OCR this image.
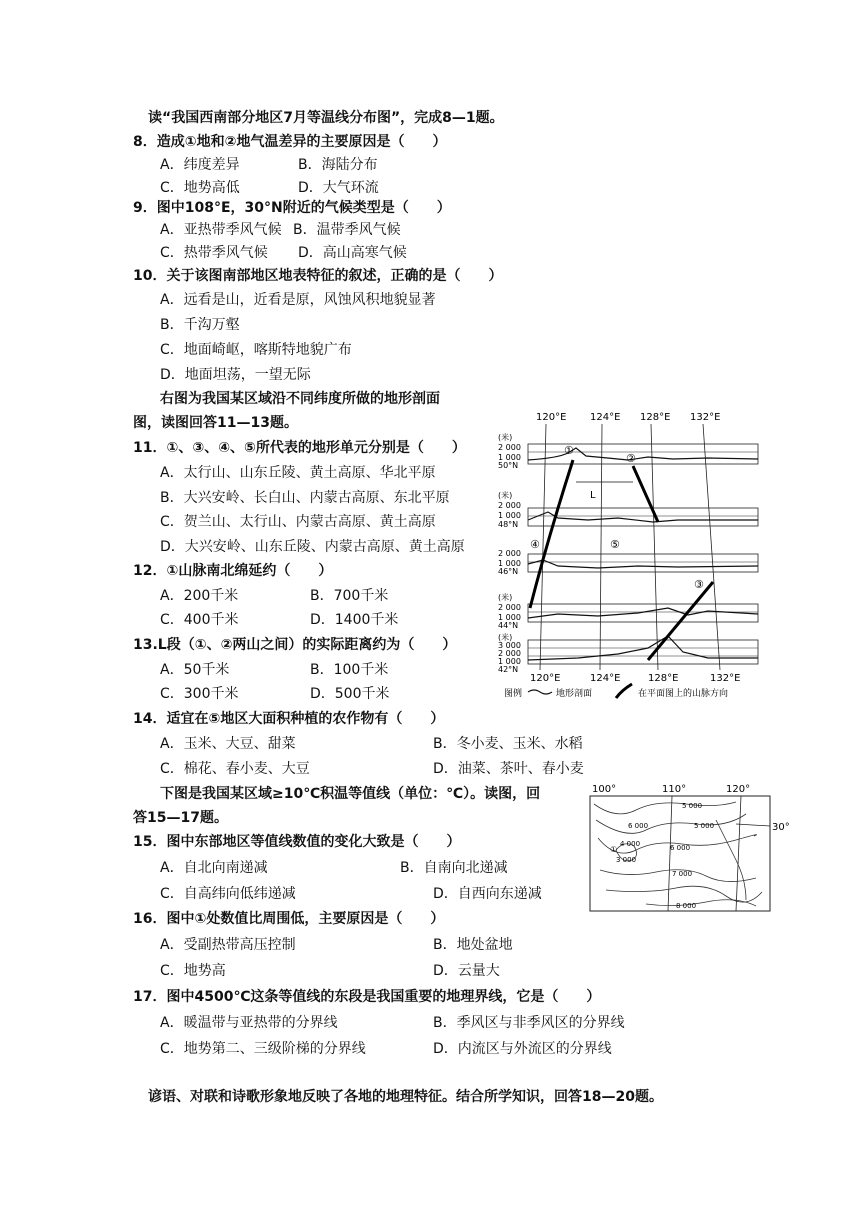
读“我国西南部分地区7月等温线分布图”，完成8—1题。
8．造成①地和②地气温差异的主要原因是（　　）
A．纬度差异	B．海陆分布
C．地势高低	D．大气环流
9．图中108°E，30°N附近的气候类型是（　　）
A．亚热带季风气候 B．温带季风气候
C．热带季风气候 D．高山高寒气候
10．关于该图南部地区地表特征的叙述，正确的是（　　）
A．远看是山，近看是原，风蚀风积地貌显著
B．千沟万壑
C．地面崎岖，喀斯特地貌广布
D．地面坦荡，一望无际
右图为我国某区域沿不同纬度所做的地形剖面
图，读图回答11—13题。
11．①、③、④、⑤所代表的地形单元分别是（　　）
A．太行山、山东丘陵、黄土高原、华北平原
B．大兴安岭、长白山、内蒙古高原、东北平原
C．贺兰山、太行山、内蒙古高原、黄土高原
D．大兴安岭、山东丘陵、内蒙古高原、黄土高原
12．①山脉南北绵延约（　　）
A．200千米	B．700千米
C．400千米	D．1400千米
13.L段（①、②两山之间）的实际距离约为（　　）
A．50千米	B．100千米
C．300千米	D．500千米
14．适宜在⑤地区大面积种植的农作物有（　　）
A．玉米、大豆、甜菜	B．冬小麦、玉米、水稻
C．棉花、春小麦、大豆	D．油菜、茶叶、春小麦
下图是我国某区域≥10℃积温等值线（单位：℃）。读图，回
答15—17题。
15．图中东部地区等值线数值的变化大致是（　　）
A．自北向南递减	B．自南向北递减
C．自高纬向低纬递减	D．自西向东递减
16．图中①处数值比周围低，主要原因是（　　）
A．受副热带高压控制	B．地处盆地
C．地势高	D．云量大
17．图中4500℃这条等值线的东段是我国重要的地理界线，它是（　　）
A．暖温带与亚热带的分界线	B．季风区与非季风区的分界线
C．地势第二、三级阶梯的分界线	D．内流区与外流区的分界线
谚语、对联和诗歌形象地反映了各地的地理特征。结合所学知识，回答18—20题。
120°E 124°E 128°E 132°E
(米)
2 000
1 000
50°N
(米)
2 000
1 000
48°N
2 000
1 000
46°N
(米)
2 000
1 000
44°N
(米)
3 000
2 000
1 000
42°N
L
①
②
④	⑤
③
120°E	124°E	128°E	132°E
图例	地形剖面	在平面图上的山脉方向
100°	110°	120°
30°
5 000
6 000	5 000
4 000
3 000
6 000
7 000
8 000
①
